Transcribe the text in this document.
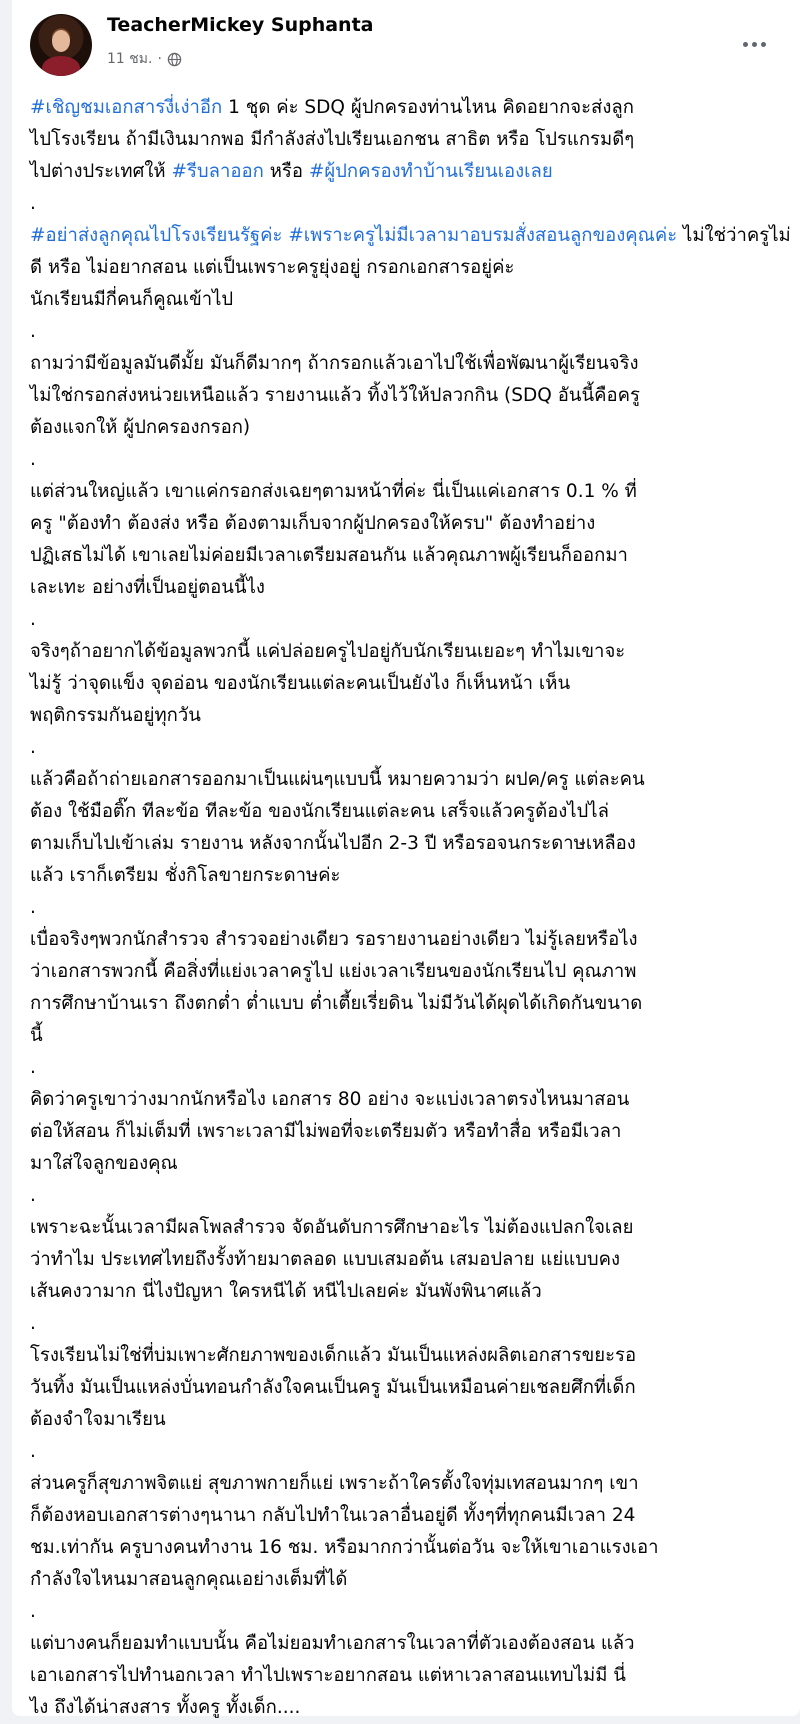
TeacherMickey Suphanta
11 ชม. ·

#เชิญชมเอกสารงี่เง่าอีก 1 ชุด ค่ะ SDQ ผู้ปกครองท่านไหน คิดอยากจะส่งลูก
ไปโรงเรียน ถ้ามีเงินมากพอ มีกำลังส่งไปเรียนเอกชน สาธิต หรือ โปรแกรมดีๆ
ไปต่างประเทศให้ #รีบลาออก หรือ #ผู้ปกครองทำบ้านเรียนเองเลย

.

#อย่าส่งลูกคุณไปโรงเรียนรัฐค่ะ #เพราะครูไม่มีเวลามาอบรมสั่งสอนลูกของคุณค่ะ ไม่ใช่ว่าครูไม่ดี หรือ ไม่อยากสอน แต่เป็นเพราะครูยุ่งอยู่ กรอกเอกสารอยู่ค่ะ
นักเรียนมีกี่คนก็คูณเข้าไป

.

ถามว่ามีข้อมูลมันดีมั้ย มันก็ดีมากๆ ถ้ากรอกแล้วเอาไปใช้เพื่อพัฒนาผู้เรียนจริง
ไม่ใช่กรอกส่งหน่วยเหนือแล้ว รายงานแล้ว ทิ้งไว้ให้ปลวกกิน (SDQ อันนี้คือครู
ต้องแจกให้ ผู้ปกครองกรอก)

.

แต่ส่วนใหญ่แล้ว เขาแค่กรอกส่งเฉยๆตามหน้าที่ค่ะ นี่เป็นแค่เอกสาร 0.1 % ที่
ครู "ต้องทำ ต้องส่ง หรือ ต้องตามเก็บจากผู้ปกครองให้ครบ" ต้องทำอย่าง
ปฏิเสธไม่ได้ เขาเลยไม่ค่อยมีเวลาเตรียมสอนกัน แล้วคุณภาพผู้เรียนก็ออกมา
เละเทะ อย่างที่เป็นอยู่ตอนนี้ไง

.

จริงๆถ้าอยากได้ข้อมูลพวกนี้ แค่ปล่อยครูไปอยู่กับนักเรียนเยอะๆ ทำไมเขาจะ
ไม่รู้ ว่าจุดแข็ง จุดอ่อน ของนักเรียนแต่ละคนเป็นยังไง ก็เห็นหน้า เห็น
พฤติกรรมกันอยู่ทุกวัน

.

แล้วคือถ้าถ่ายเอกสารออกมาเป็นแผ่นๆแบบนี้ หมายความว่า ผปค/ครู แต่ละคน
ต้อง ใช้มือติ๊ก ทีละข้อ ทีละข้อ ของนักเรียนแต่ละคน เสร็จแล้วครูต้องไปไล่
ตามเก็บไปเข้าเล่ม รายงาน หลังจากนั้นไปอีก 2-3 ปี หรือรอจนกระดาษเหลือง
แล้ว เราก็เตรียม ชั่งกิโลขายกระดาษค่ะ

.

เบื่อจริงๆพวกนักสำรวจ สำรวจอย่างเดียว รอรายงานอย่างเดียว ไม่รู้เลยหรือไง
ว่าเอกสารพวกนี้ คือสิ่งที่แย่งเวลาครูไป แย่งเวลาเรียนของนักเรียนไป คุณภาพ
การศึกษาบ้านเรา ถึงตกต่ำ ต่ำแบบ ต่ำเตี้ยเรี่ยดิน ไม่มีวันได้ผุดได้เกิดกันขนาด
นี้

.

คิดว่าครูเขาว่างมากนักหรือไง เอกสาร 80 อย่าง จะแบ่งเวลาตรงไหนมาสอน
ต่อให้สอน ก็ไม่เต็มที่ เพราะเวลามีไม่พอที่จะเตรียมตัว หรือทำสื่อ หรือมีเวลา
มาใส่ใจลูกของคุณ

.

เพราะฉะนั้นเวลามีผลโพลสำรวจ จัดอันดับการศึกษาอะไร ไม่ต้องแปลกใจเลย
ว่าทำไม ประเทศไทยถึงรั้งท้ายมาตลอด แบบเสมอต้น เสมอปลาย แย่แบบคง
เส้นคงวามาก นี่ไงปัญหา ใครหนีได้ หนีไปเลยค่ะ มันพังพินาศแล้ว

.

โรงเรียนไม่ใช่ที่บ่มเพาะศักยภาพของเด็กแล้ว มันเป็นแหล่งผลิตเอกสารขยะรอ
วันทิ้ง มันเป็นแหล่งบั่นทอนกำลังใจคนเป็นครู มันเป็นเหมือนค่ายเชลยศึกที่เด็ก
ต้องจำใจมาเรียน

.

ส่วนครูก็สุขภาพจิตแย่ สุขภาพกายก็แย่ เพราะถ้าใครตั้งใจทุ่มเทสอนมากๆ เขา
ก็ต้องหอบเอกสารต่างๆนานา กลับไปทำในเวลาอื่นอยู่ดี ทั้งๆที่ทุกคนมีเวลา 24
ชม.เท่ากัน ครูบางคนทำงาน 16 ชม. หรือมากกว่านั้นต่อวัน จะให้เขาเอาแรงเอา
กำลังใจไหนมาสอนลูกคุณเอย่างเต็มที่ได้

.

แต่บางคนก็ยอมทำแบบนั้น คือไม่ยอมทำเอกสารในเวลาที่ตัวเองต้องสอน แล้ว
เอาเอกสารไปทำนอกเวลา ทำไปเพราะอยากสอน แต่หาเวลาสอนแทบไม่มี นี่
ไง ถึงได้น่าสงสาร ทั้งครู ทั้งเด็ก....
